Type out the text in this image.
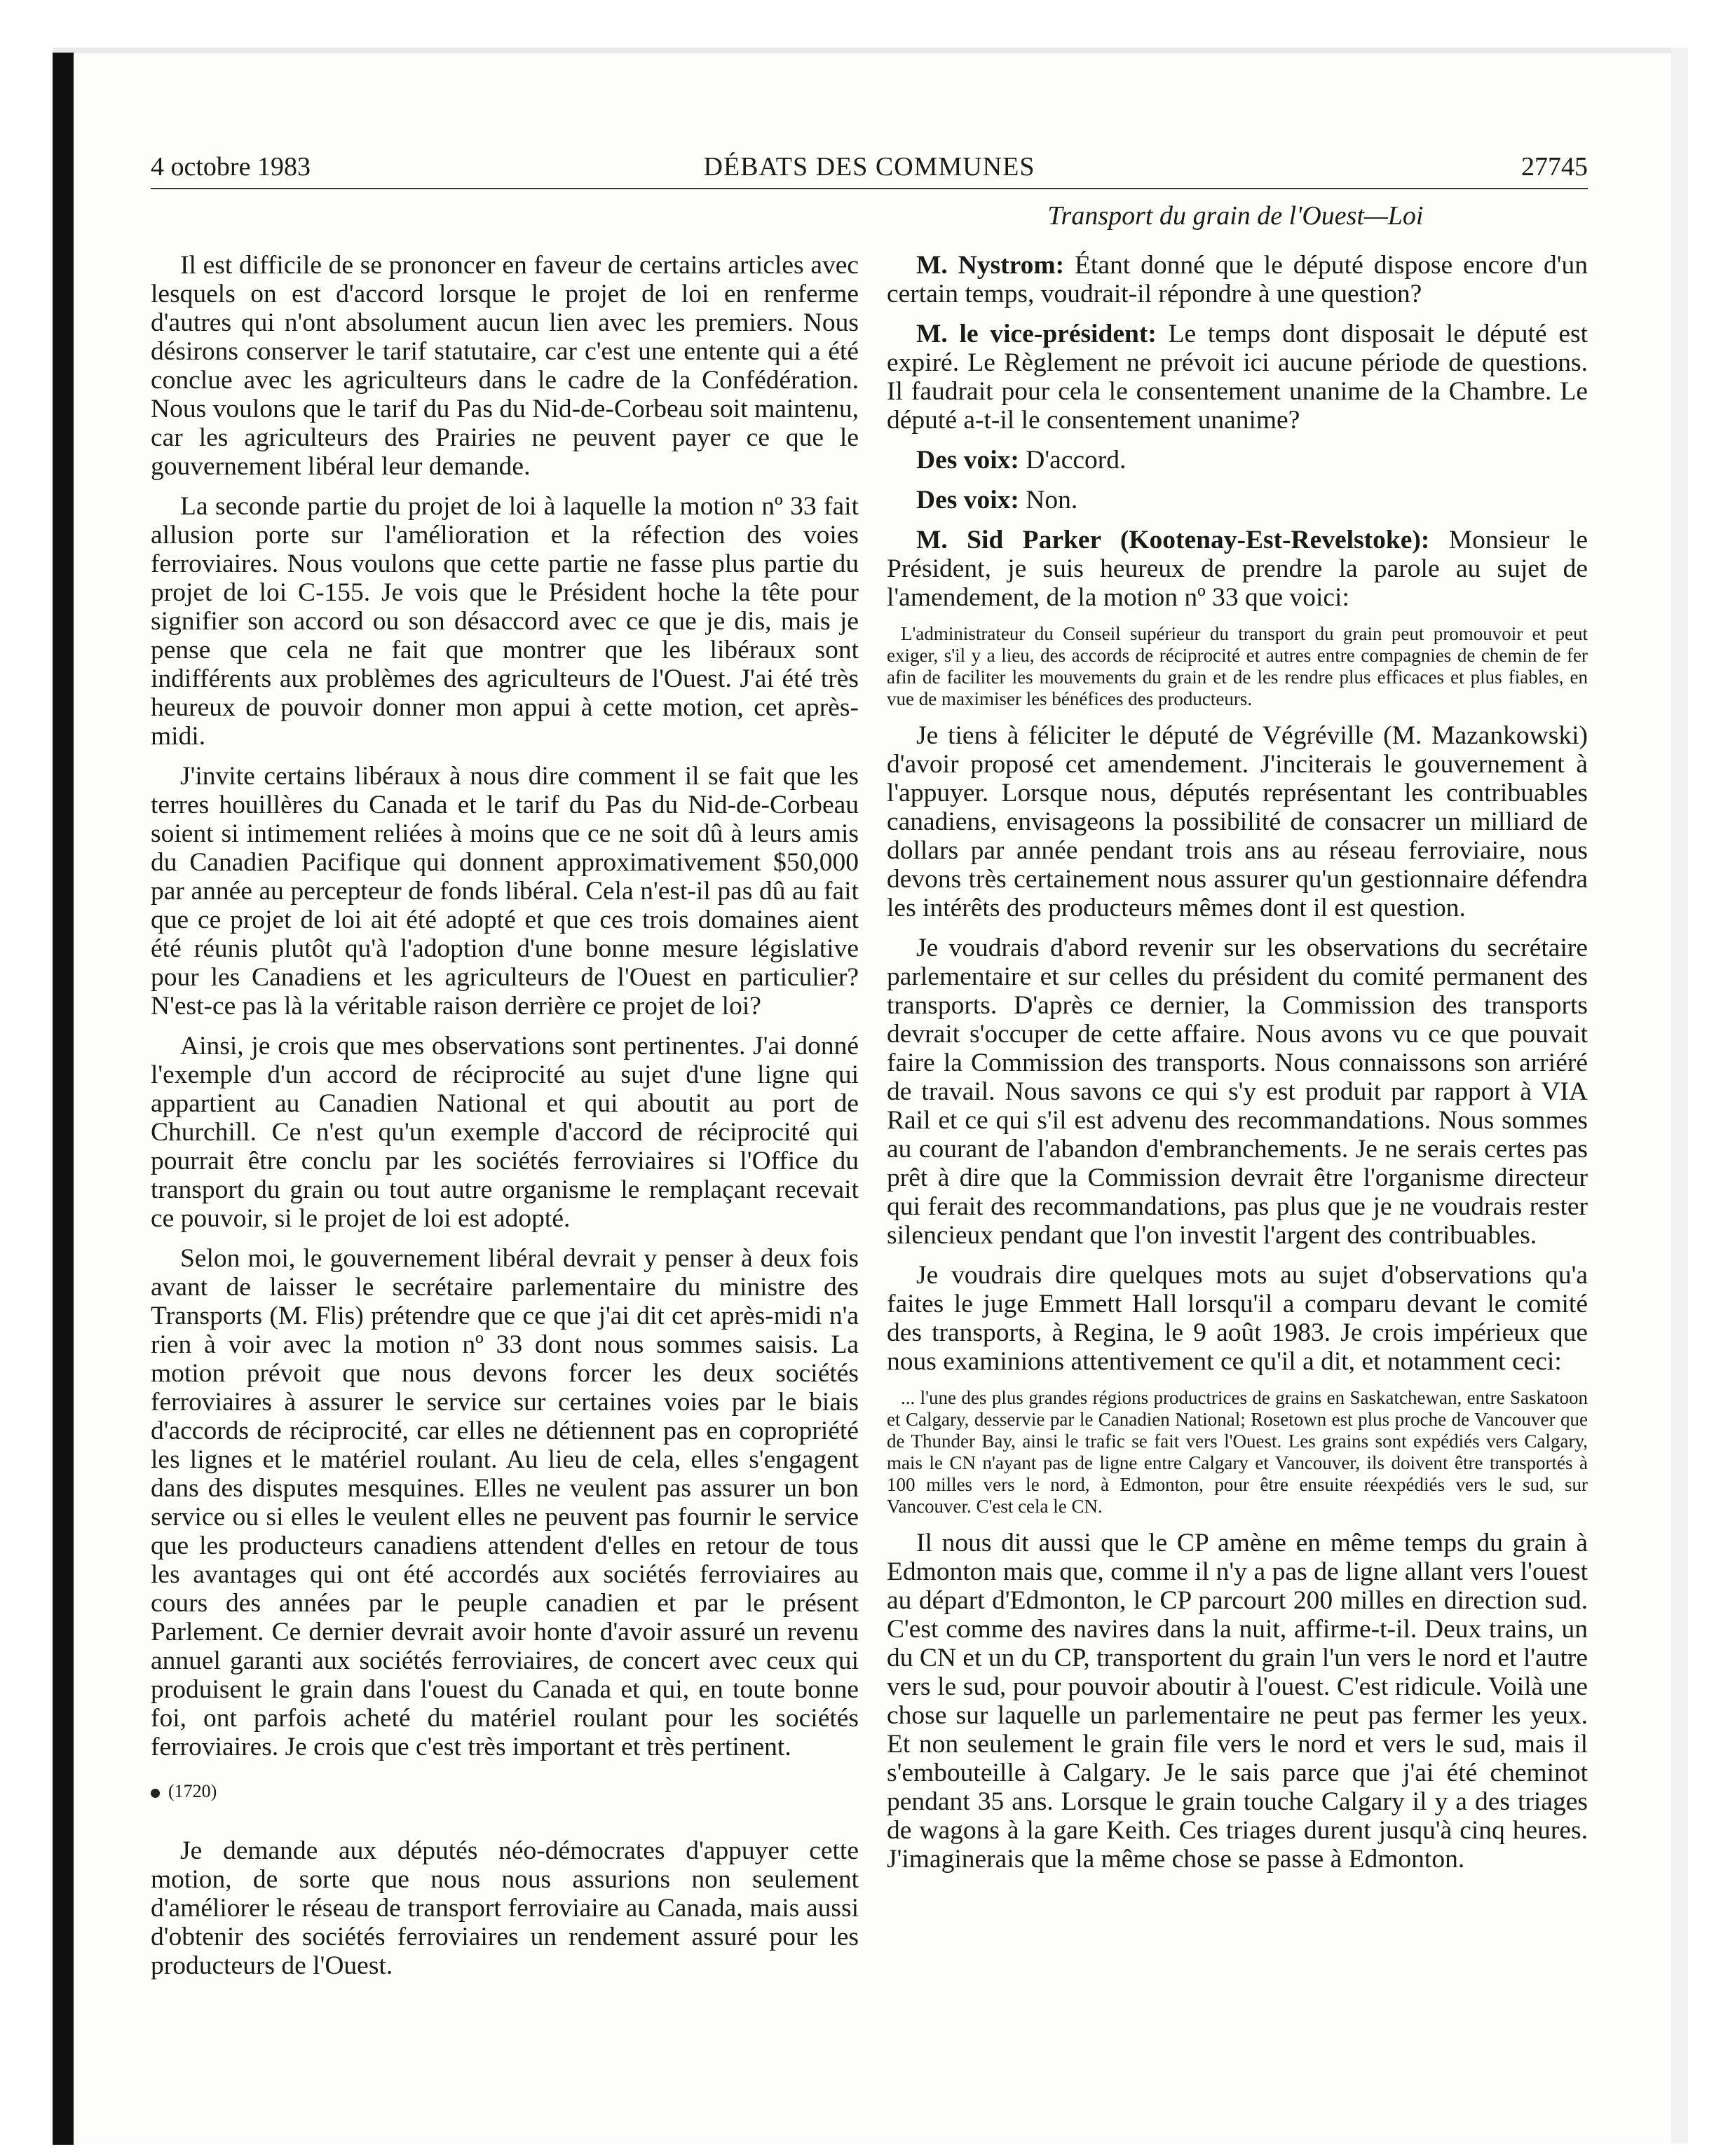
4 octobre 1983	DÉBATS DES COMMUNES	27745
Transport du grain de l'Ouest—Loi

Il est difficile de se prononcer en faveur de certains articles avec lesquels on est d'accord lorsque le projet de loi en renferme d'autres qui n'ont absolument aucun lien avec les premiers. Nous désirons conserver le tarif statutaire, car c'est une entente qui a été conclue avec les agriculteurs dans le cadre de la Confédération. Nous voulons que le tarif du Pas du Nid-de-Corbeau soit maintenu, car les agriculteurs des Prairies ne peuvent payer ce que le gouvernement libéral leur demande.

La seconde partie du projet de loi à laquelle la motion nº 33 fait allusion porte sur l'amélioration et la réfection des voies ferroviaires. Nous voulons que cette partie ne fasse plus partie du projet de loi C-155. Je vois que le Président hoche la tête pour signifier son accord ou son désaccord avec ce que je dis, mais je pense que cela ne fait que montrer que les libéraux sont indifférents aux problèmes des agriculteurs de l'Ouest. J'ai été très heureux de pouvoir donner mon appui à cette motion, cet après-midi.

J'invite certains libéraux à nous dire comment il se fait que les terres houillères du Canada et le tarif du Pas du Nid-de-Corbeau soient si intimement reliées à moins que ce ne soit dû à leurs amis du Canadien Pacifique qui donnent approximativement $50,000 par année au percepteur de fonds libéral. Cela n'est-il pas dû au fait que ce projet de loi ait été adopté et que ces trois domaines aient été réunis plutôt qu'à l'adoption d'une bonne mesure législative pour les Canadiens et les agriculteurs de l'Ouest en particulier? N'est-ce pas là la véritable raison derrière ce projet de loi?

Ainsi, je crois que mes observations sont pertinentes. J'ai donné l'exemple d'un accord de réciprocité au sujet d'une ligne qui appartient au Canadien National et qui aboutit au port de Churchill. Ce n'est qu'un exemple d'accord de réciprocité qui pourrait être conclu par les sociétés ferroviaires si l'Office du transport du grain ou tout autre organisme le remplaçant recevait ce pouvoir, si le projet de loi est adopté.

Selon moi, le gouvernement libéral devrait y penser à deux fois avant de laisser le secrétaire parlementaire du ministre des Transports (M. Flis) prétendre que ce que j'ai dit cet après-midi n'a rien à voir avec la motion nº 33 dont nous sommes saisis. La motion prévoit que nous devons forcer les deux sociétés ferroviaires à assurer le service sur certaines voies par le biais d'accords de réciprocité, car elles ne détiennent pas en copropriété les lignes et le matériel roulant. Au lieu de cela, elles s'engagent dans des disputes mesquines. Elles ne veulent pas assurer un bon service ou si elles le veulent elles ne peuvent pas fournir le service que les producteurs canadiens attendent d'elles en retour de tous les avantages qui ont été accordés aux sociétés ferroviaires au cours des années par le peuple canadien et par le présent Parlement. Ce dernier devrait avoir honte d'avoir assuré un revenu annuel garanti aux sociétés ferroviaires, de concert avec ceux qui produisent le grain dans l'ouest du Canada et qui, en toute bonne foi, ont parfois acheté du matériel roulant pour les sociétés ferroviaires. Je crois que c'est très important et très pertinent.

(1720)

Je demande aux députés néo-démocrates d'appuyer cette motion, de sorte que nous nous assurions non seulement d'améliorer le réseau de transport ferroviaire au Canada, mais aussi d'obtenir des sociétés ferroviaires un rendement assuré pour les producteurs de l'Ouest.

M. Nystrom: Étant donné que le député dispose encore d'un certain temps, voudrait-il répondre à une question?

M. le vice-président: Le temps dont disposait le député est expiré. Le Règlement ne prévoit ici aucune période de questions. Il faudrait pour cela le consentement unanime de la Chambre. Le député a-t-il le consentement unanime?

Des voix: D'accord.

Des voix: Non.

M. Sid Parker (Kootenay-Est-Revelstoke): Monsieur le Président, je suis heureux de prendre la parole au sujet de l'amendement, de la motion nº 33 que voici:

L'administrateur du Conseil supérieur du transport du grain peut promouvoir et peut exiger, s'il y a lieu, des accords de réciprocité et autres entre compagnies de chemin de fer afin de faciliter les mouvements du grain et de les rendre plus efficaces et plus fiables, en vue de maximiser les bénéfices des producteurs.

Je tiens à féliciter le député de Végréville (M. Mazankowski) d'avoir proposé cet amendement. J'inciterais le gouvernement à l'appuyer. Lorsque nous, députés représentant les contribuables canadiens, envisageons la possibilité de consacrer un milliard de dollars par année pendant trois ans au réseau ferroviaire, nous devons très certainement nous assurer qu'un gestionnaire défendra les intérêts des producteurs mêmes dont il est question.

Je voudrais d'abord revenir sur les observations du secrétaire parlementaire et sur celles du président du comité permanent des transports. D'après ce dernier, la Commission des transports devrait s'occuper de cette affaire. Nous avons vu ce que pouvait faire la Commission des transports. Nous connaissons son arriéré de travail. Nous savons ce qui s'y est produit par rapport à VIA Rail et ce qui s'il est advenu des recommandations. Nous sommes au courant de l'abandon d'embranchements. Je ne serais certes pas prêt à dire que la Commission devrait être l'organisme directeur qui ferait des recommandations, pas plus que je ne voudrais rester silencieux pendant que l'on investit l'argent des contribuables.

Je voudrais dire quelques mots au sujet d'observations qu'a faites le juge Emmett Hall lorsqu'il a comparu devant le comité des transports, à Regina, le 9 août 1983. Je crois impérieux que nous examinions attentivement ce qu'il a dit, et notamment ceci:

... l'une des plus grandes régions productrices de grains en Saskatchewan, entre Saskatoon et Calgary, desservie par le Canadien National; Rosetown est plus proche de Vancouver que de Thunder Bay, ainsi le trafic se fait vers l'Ouest. Les grains sont expédiés vers Calgary, mais le CN n'ayant pas de ligne entre Calgary et Vancouver, ils doivent être transportés à 100 milles vers le nord, à Edmonton, pour être ensuite réexpédiés vers le sud, sur Vancouver. C'est cela le CN.

Il nous dit aussi que le CP amène en même temps du grain à Edmonton mais que, comme il n'y a pas de ligne allant vers l'ouest au départ d'Edmonton, le CP parcourt 200 milles en direction sud. C'est comme des navires dans la nuit, affirme-t-il. Deux trains, un du CN et un du CP, transportent du grain l'un vers le nord et l'autre vers le sud, pour pouvoir aboutir à l'ouest. C'est ridicule. Voilà une chose sur laquelle un parlementaire ne peut pas fermer les yeux. Et non seulement le grain file vers le nord et vers le sud, mais il s'embouteille à Calgary. Je le sais parce que j'ai été cheminot pendant 35 ans. Lorsque le grain touche Calgary il y a des triages de wagons à la gare Keith. Ces triages durent jusqu'à cinq heures. J'imaginerais que la même chose se passe à Edmonton.
